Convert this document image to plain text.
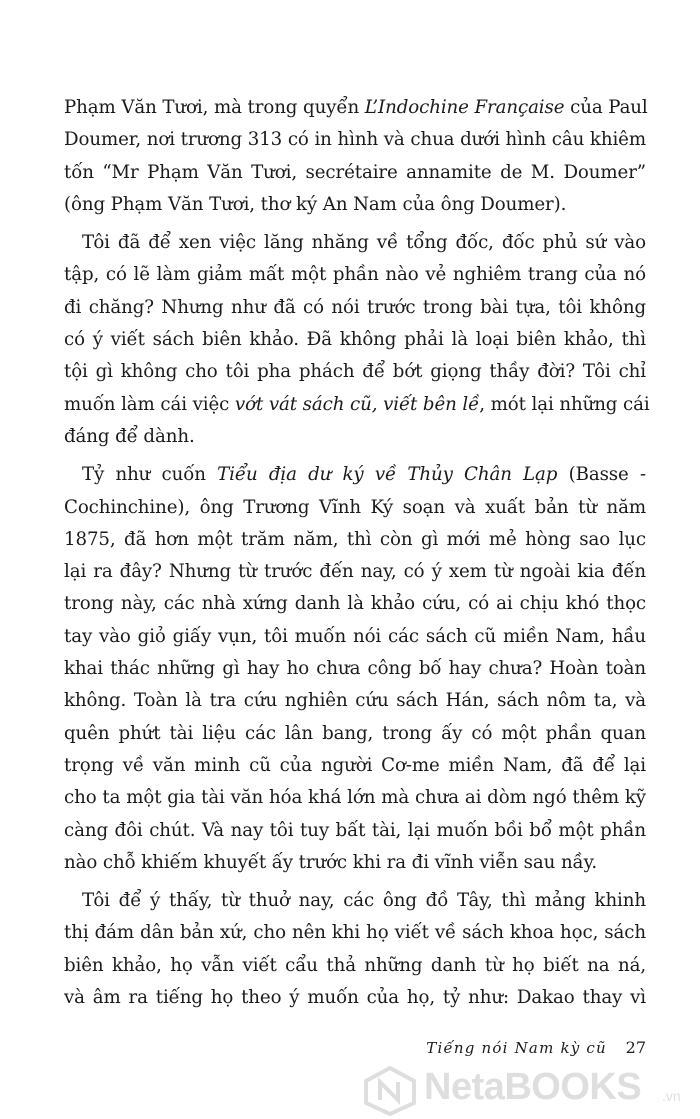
Phạm Văn Tươi, mà trong quyển L’Indochine Française của Paul
Doumer, nơi trương 313 có in hình và chua dưới hình câu khiêm
tốn “Mr Phạm Văn Tươi, secrétaire annamite de M. Doumer”
(ông Phạm Văn Tươi, thơ ký An Nam của ông Doumer).
Tôi đã để xen việc lăng nhăng về tổng đốc, đốc phủ sứ vào
tập, có lẽ làm giảm mất một phần nào vẻ nghiêm trang của nó
đi chăng? Nhưng như đã có nói trước trong bài tựa, tôi không
có ý viết sách biên khảo. Đã không phải là loại biên khảo, thì
tội gì không cho tôi pha phách để bớt giọng thầy đời? Tôi chỉ
muốn làm cái việc vớt vát sách cũ, viết bên lề, mót lại những cái
đáng để dành.
Tỷ như cuốn Tiểu địa dư ký về Thủy Chân Lạp (Basse -
Cochinchine), ông Trương Vĩnh Ký soạn và xuất bản từ năm
1875, đã hơn một trăm năm, thì còn gì mới mẻ hòng sao lục
lại ra đây? Nhưng từ trước đến nay, có ý xem từ ngoài kia đến
trong này, các nhà xứng danh là khảo cứu, có ai chịu khó thọc
tay vào giỏ giấy vụn, tôi muốn nói các sách cũ miền Nam, hầu
khai thác những gì hay ho chưa công bố hay chưa? Hoàn toàn
không. Toàn là tra cứu nghiên cứu sách Hán, sách nôm ta, và
quên phứt tài liệu các lân bang, trong ấy có một phần quan
trọng về văn minh cũ của người Cơ-me miền Nam, đã để lại
cho ta một gia tài văn hóa khá lớn mà chưa ai dòm ngó thêm kỹ
càng đôi chút. Và nay tôi tuy bất tài, lại muốn bồi bổ một phần
nào chỗ khiếm khuyết ấy trước khi ra đi vĩnh viễn sau nầy.
Tôi để ý thấy, từ thuở nay, các ông đồ Tây, thì mảng khinh
thị đám dân bản xứ, cho nên khi họ viết về sách khoa học, sách
biên khảo, họ vẫn viết cẩu thả những danh từ họ biết na ná,
và âm ra tiếng họ theo ý muốn của họ, tỷ như: Dakao thay vì
Tiếng nói Nam kỳ cũ 27
NetaBOOKS .vn
